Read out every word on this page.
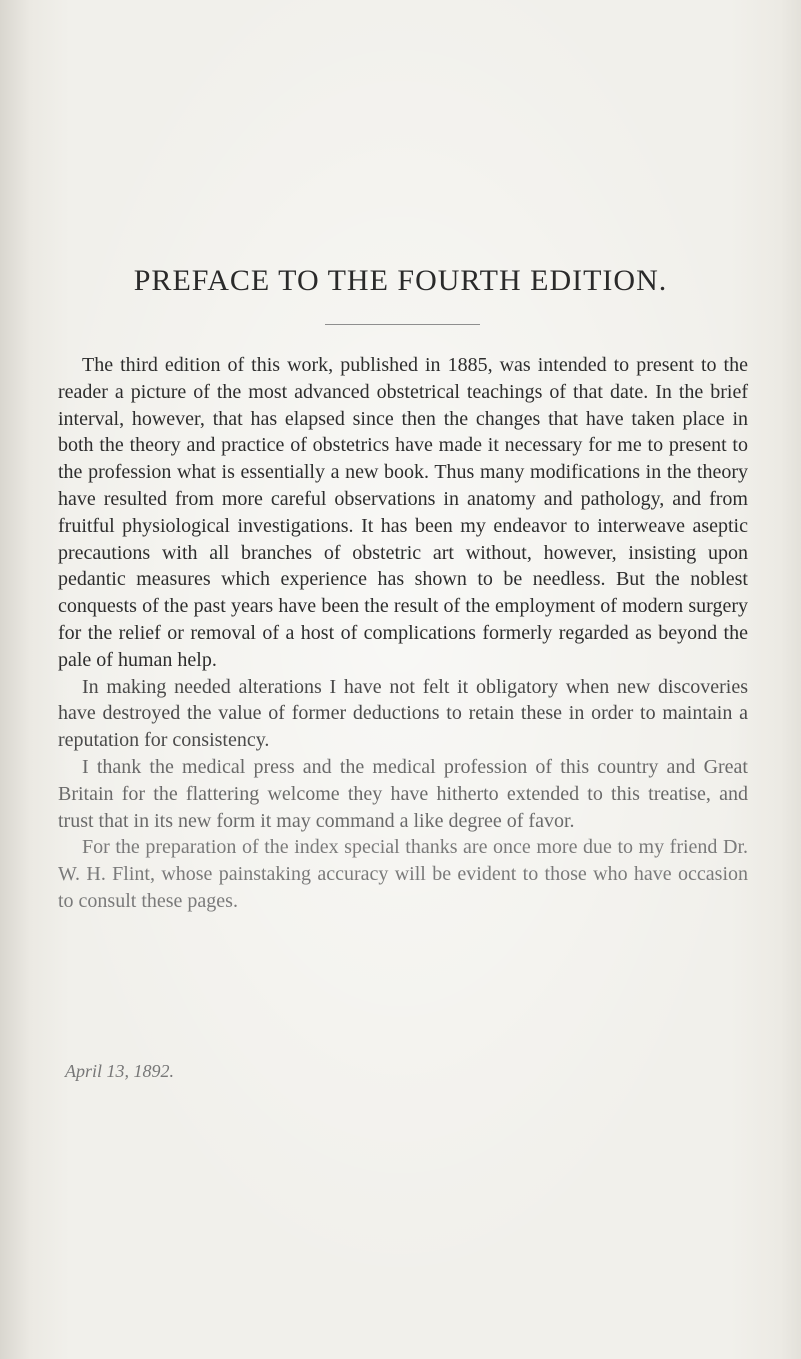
PREFACE TO THE FOURTH EDITION.

The third edition of this work, published in 1885, was intended to present to the reader a picture of the most advanced obstetrical teachings of that date. In the brief interval, however, that has elapsed since then the changes that have taken place in both the theory and practice of obstetrics have made it necessary for me to present to the profession what is essentially a new book. Thus many modifications in the theory have resulted from more careful observations in anatomy and pathology, and from fruitful physiological investigations. It has been my endeavor to interweave aseptic precautions with all branches of obstetric art without, however, insisting upon pedantic measures which experience has shown to be needless. But the noblest conquests of the past years have been the result of the employment of modern surgery for the relief or removal of a host of complications formerly regarded as beyond the pale of human help.

In making needed alterations I have not felt it obligatory when new discoveries have destroyed the value of former deductions to retain these in order to maintain a reputation for consistency.

I thank the medical press and the medical profession of this country and Great Britain for the flattering welcome they have hitherto extended to this treatise, and trust that in its new form it may command a like degree of favor.

For the preparation of the index special thanks are once more due to my friend Dr. W. H. Flint, whose painstaking accuracy will be evident to those who have occasion to consult these pages.

April 13, 1892.
